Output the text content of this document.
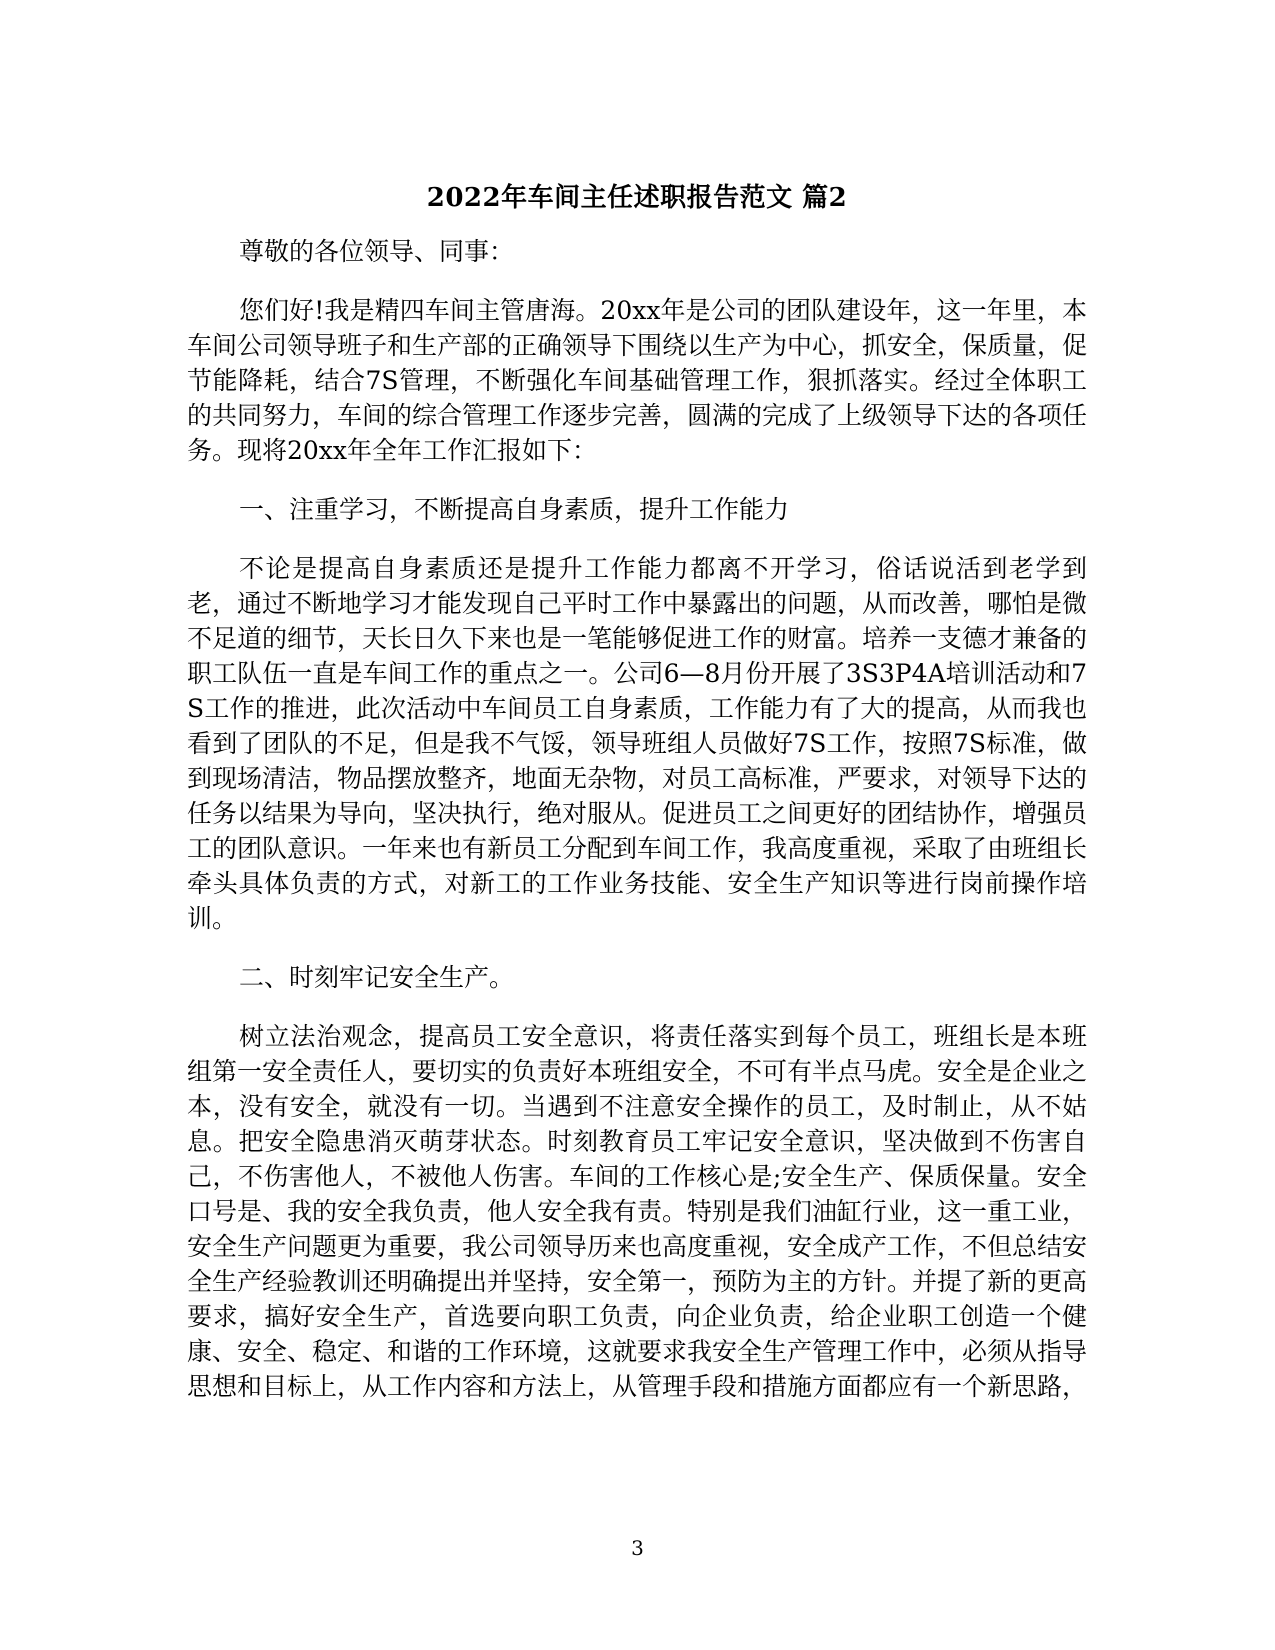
2022年车间主任述职报告范文 篇2

尊敬的各位领导、同事：

您们好!我是精四车间主管唐海。20xx年是公司的团队建设年，这一年里，本车间公司领导班子和生产部的正确领导下围绕以生产为中心，抓安全，保质量，促节能降耗，结合7S管理，不断强化车间基础管理工作，狠抓落实。经过全体职工的共同努力，车间的综合管理工作逐步完善，圆满的完成了上级领导下达的各项任务。现将20xx年全年工作汇报如下：

一、注重学习，不断提高自身素质，提升工作能力

不论是提高自身素质还是提升工作能力都离不开学习，俗话说活到老学到老，通过不断地学习才能发现自己平时工作中暴露出的问题，从而改善，哪怕是微不足道的细节，天长日久下来也是一笔能够促进工作的财富。培养一支德才兼备的职工队伍一直是车间工作的重点之一。公司6—8月份开展了3S3P4A培训活动和7S工作的推进，此次活动中车间员工自身素质，工作能力有了大的提高，从而我也看到了团队的不足，但是我不气馁，领导班组人员做好7S工作，按照7S标准，做到现场清洁，物品摆放整齐，地面无杂物，对员工高标准，严要求，对领导下达的任务以结果为导向，坚决执行，绝对服从。促进员工之间更好的团结协作，增强员工的团队意识。一年来也有新员工分配到车间工作，我高度重视，采取了由班组长牵头具体负责的方式，对新工的工作业务技能、安全生产知识等进行岗前操作培训。

二、时刻牢记安全生产。

树立法治观念，提高员工安全意识，将责任落实到每个员工，班组长是本班组第一安全责任人，要切实的负责好本班组安全，不可有半点马虎。安全是企业之本，没有安全，就没有一切。当遇到不注意安全操作的员工，及时制止，从不姑息。把安全隐患消灭萌芽状态。时刻教育员工牢记安全意识，坚决做到不伤害自己，不伤害他人，不被他人伤害。车间的工作核心是;安全生产、保质保量。安全口号是、我的安全我负责，他人安全我有责。特别是我们油缸行业，这一重工业，安全生产问题更为重要，我公司领导历来也高度重视，安全成产工作，不但总结安全生产经验教训还明确提出并坚持，安全第一，预防为主的方针。并提了新的更高要求，搞好安全生产，首选要向职工负责，向企业负责，给企业职工创造一个健康、安全、稳定、和谐的工作环境，这就要求我安全生产管理工作中，必须从指导思想和目标上，从工作内容和方法上，从管理手段和措施方面都应有一个新思路，

3
